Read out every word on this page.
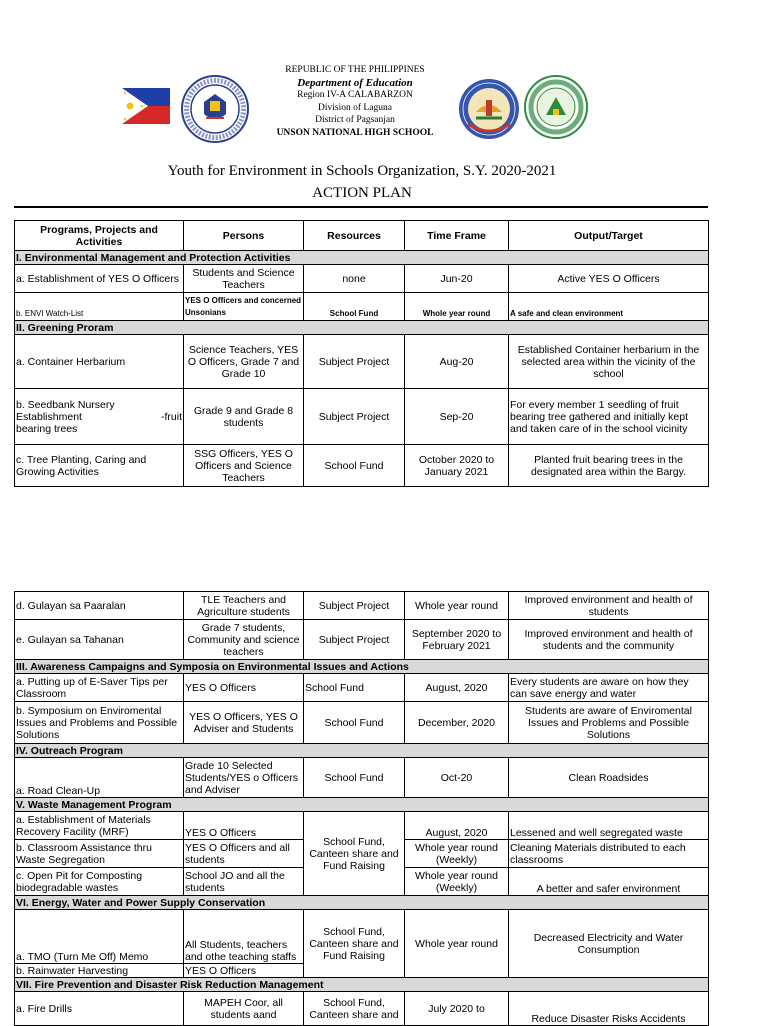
REPUBLIC OF THE PHILIPPINES
Department of Education
Region IV-A CALABARZON
Division of Laguna
District of Pagsanjan
UNSON NATIONAL HIGH SCHOOL
Youth for Environment in Schools Organization, S.Y. 2020-2021
ACTION PLAN
Programs, Projects and Activities	Persons	Resources	Time Frame	Output/Target
I. Environmental Management and Protection Activities				
a. Establishment of YES O Officers	Students and Science Teachers	none	Jun-20	Active YES O Officers
b. ENVI Watch-List	YES O Officers and concerned Unsonians	School Fund	Whole year round	A safe and clean environment
II. Greening Proram				
a. Container Herbarium	Science Teachers, YES O Officers, Grade 7 and Grade 10	Subject Project	Aug-20	Established Container herbarium in the selected area within the vicinity of the school

b. Seedbank Nursery
Establishment -fruit
bearing trees	Grade 9 and Grade 8 students	Subject Project	Sep-20	For every member 1 seedling of fruit bearing tree gathered and initially kept and taken care of in the school vicinity
c. Tree Planting, Caring and Growing Activities	SSG Officers, YES O Officers and Science Teachers	School Fund	October 2020 to January 2021	Planted fruit bearing trees in the designated area within the Bargy.
d. Gulayan sa Paaralan	TLE Teachers and Agriculture students	Subject Project	Whole year round	Improved environment and health of students
e. Gulayan sa Tahanan	Grade 7 students, Community and science teachers	Subject Project	September 2020 to February 2021	Improved environment and health of students and the community
III. Awareness Campaigns and Symposia on Environmental Issues and Actions				
a. Putting up of E-Saver Tips per Classroom	YES O Officers	School Fund	August, 2020	Every students are aware on how they can save energy and water
b. Symposium on Enviromental Issues and Problems and Possible Solutions	YES O Officers, YES O Adviser and Students	School Fund	December, 2020	Students are aware of Enviromental Issues and Problems and Possible Solutions
IV. Outreach Program				
a. Road Clean-Up	Grade 10 Selected Students/YES o Officers and Adviser	School Fund	Oct-20	Clean Roadsides
V. Waste Management Program				
a. Establishment of Materials Recovery Facility (MRF)	YES O Officers	School Fund, Canteen share and Fund Raising	August, 2020	Lessened and well segregated waste
b. Classroom Assistance thru Waste Segregation	YES O Officers and all students		Whole year round (Weekly)	Cleaning Materials distributed to each classrooms
c. Open Pit for Composting biodegradable wastes	School JO and all the students		Whole year round (Weekly)	A better and safer environment
VI. Energy, Water and Power Supply Conservation				
a. TMO (Turn Me Off) Memo	All Students, teachers and othe teaching staffs	School Fund, Canteen share and Fund Raising	Whole year round	Decreased Electricity and Water Consumption
b. Rainwater Harvesting	YES O Officers			
VII. Fire Prevention and Disaster Risk Reduction Management				
a. Fire Drills	MAPEH Coor, all students aand	School Fund, Canteen share and	July 2020 to	Reduce Disaster Risks Accidents
